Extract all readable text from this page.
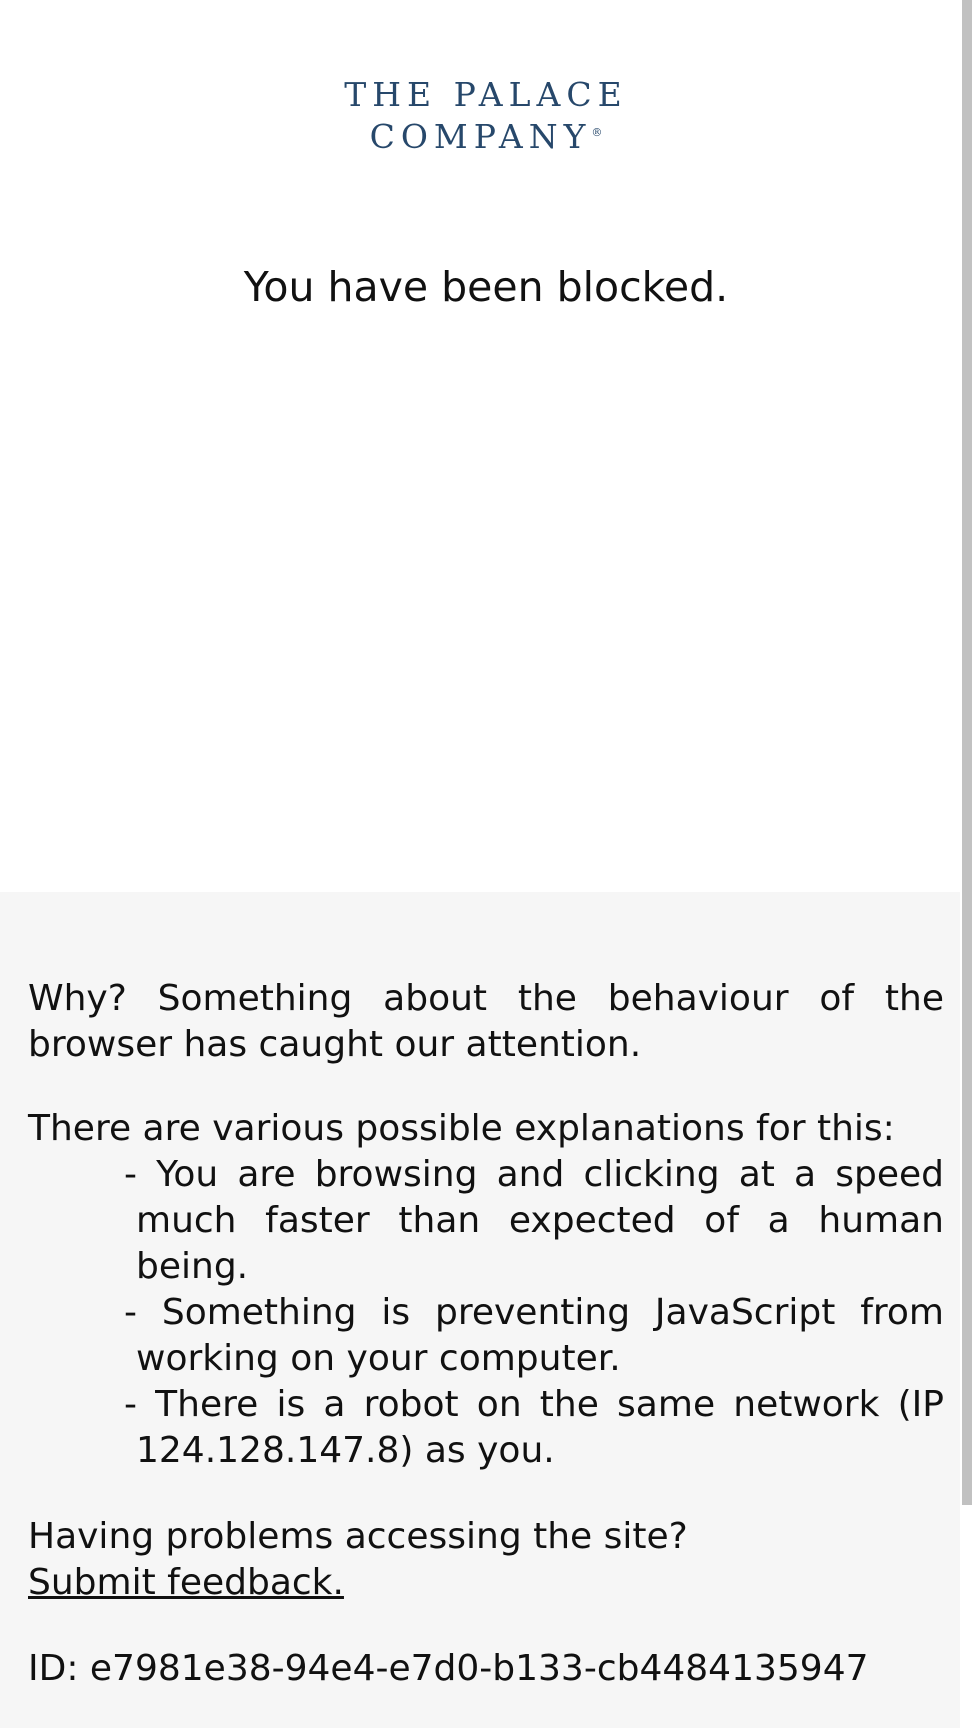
THE PALACE
COMPANY®
You have been blocked.

Why? Something about the behaviour of the browser has caught our attention.

There are various possible explanations for this:

- You are browsing and clicking at a speed much faster than expected of a human being.
- Something is preventing JavaScript from working on your computer.
- There is a robot on the same network (IP 124.128.147.8) as you.

Having problems accessing the site?
Submit feedback.

ID: e7981e38-94e4-e7d0-b133-cb4484135947
